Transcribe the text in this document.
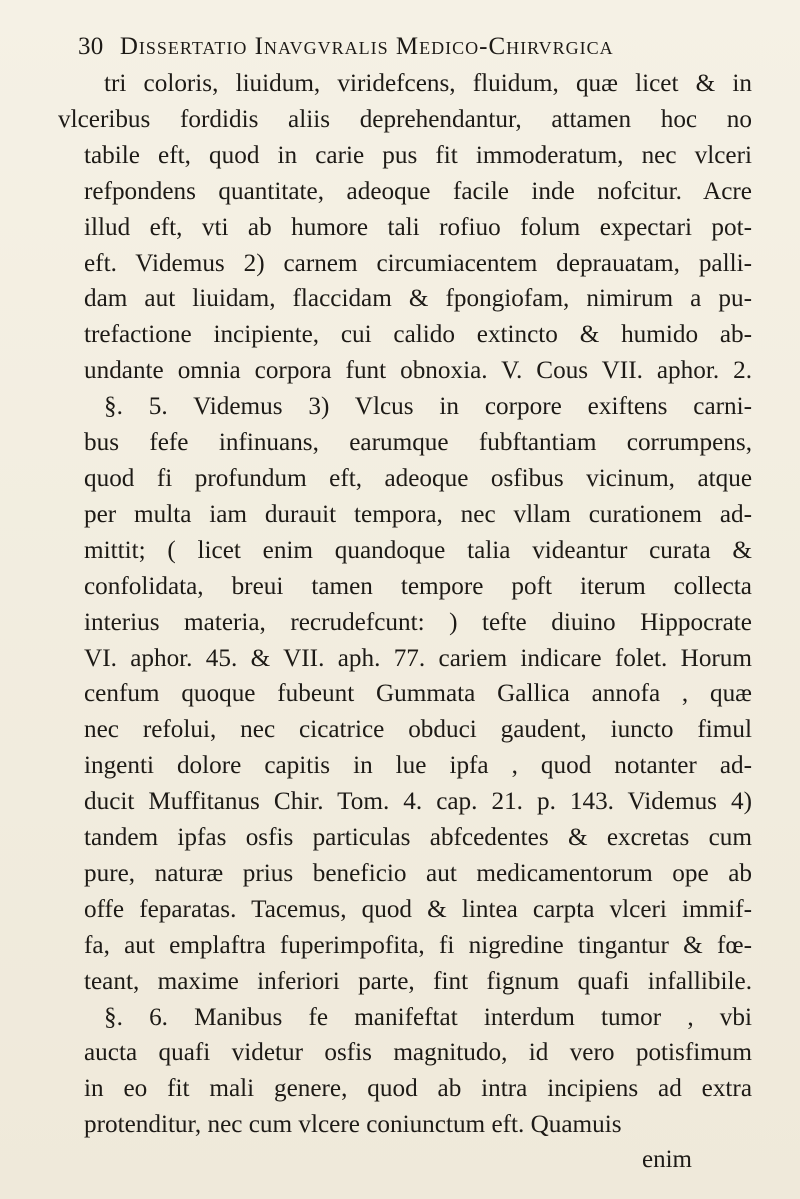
30 Dissertatio Inavgvralis Medico-Chirvrgica
tri coloris, liuidum, viridefcens, fluidum, quæ licet & in
vlceribus fordidis aliis deprehendantur, attamen hoc no
tabile eft, quod in carie pus fit immoderatum, nec vlceri
refpondens quantitate, adeoque facile inde nofcitur. Acre
illud eft, vti ab humore tali rofiuo folum expectari pot-
eft. Videmus 2) carnem circumiacentem deprauatam, palli-
dam aut liuidam, flaccidam & fpongiofam, nimirum a pu-
trefactione incipiente, cui calido extincto & humido ab-
undante omnia corpora funt obnoxia. V. Cous VII. aphor. 2.
§. 5. Videmus 3) Vlcus in corpore exiftens carni-
bus fefe infinuans, earumque fubftantiam corrumpens,
quod fi profundum eft, adeoque osfibus vicinum, atque
per multa iam durauit tempora, nec vllam curationem ad-
mittit; ( licet enim quandoque talia videantur curata &
confolidata, breui tamen tempore poft iterum collecta
interius materia, recrudefcunt: ) tefte diuino Hippocrate
VI. aphor. 45. & VII. aph. 77. cariem indicare folet. Horum
cenfum quoque fubeunt Gummata Gallica annofa , quæ
nec refolui, nec cicatrice obduci gaudent, iuncto fimul
ingenti dolore capitis in lue ipfa , quod notanter ad-
ducit Muffitanus Chir. Tom. 4. cap. 21. p. 143. Videmus 4)
tandem ipfas osfis particulas abfcedentes & excretas cum
pure, naturæ prius beneficio aut medicamentorum ope ab
offe feparatas. Tacemus, quod & lintea carpta vlceri immif-
fa, aut emplaftra fuperimpofita, fi nigredine tingantur & fœ-
teant, maxime inferiori parte, fint fignum quafi infallibile.
§. 6. Manibus fe manifeftat interdum tumor , vbi
aucta quafi videtur osfis magnitudo, id vero potisfimum
in eo fit mali genere, quod ab intra incipiens ad extra
protenditur, nec cum vlcere coniunctum eft. Quamuis
enim
